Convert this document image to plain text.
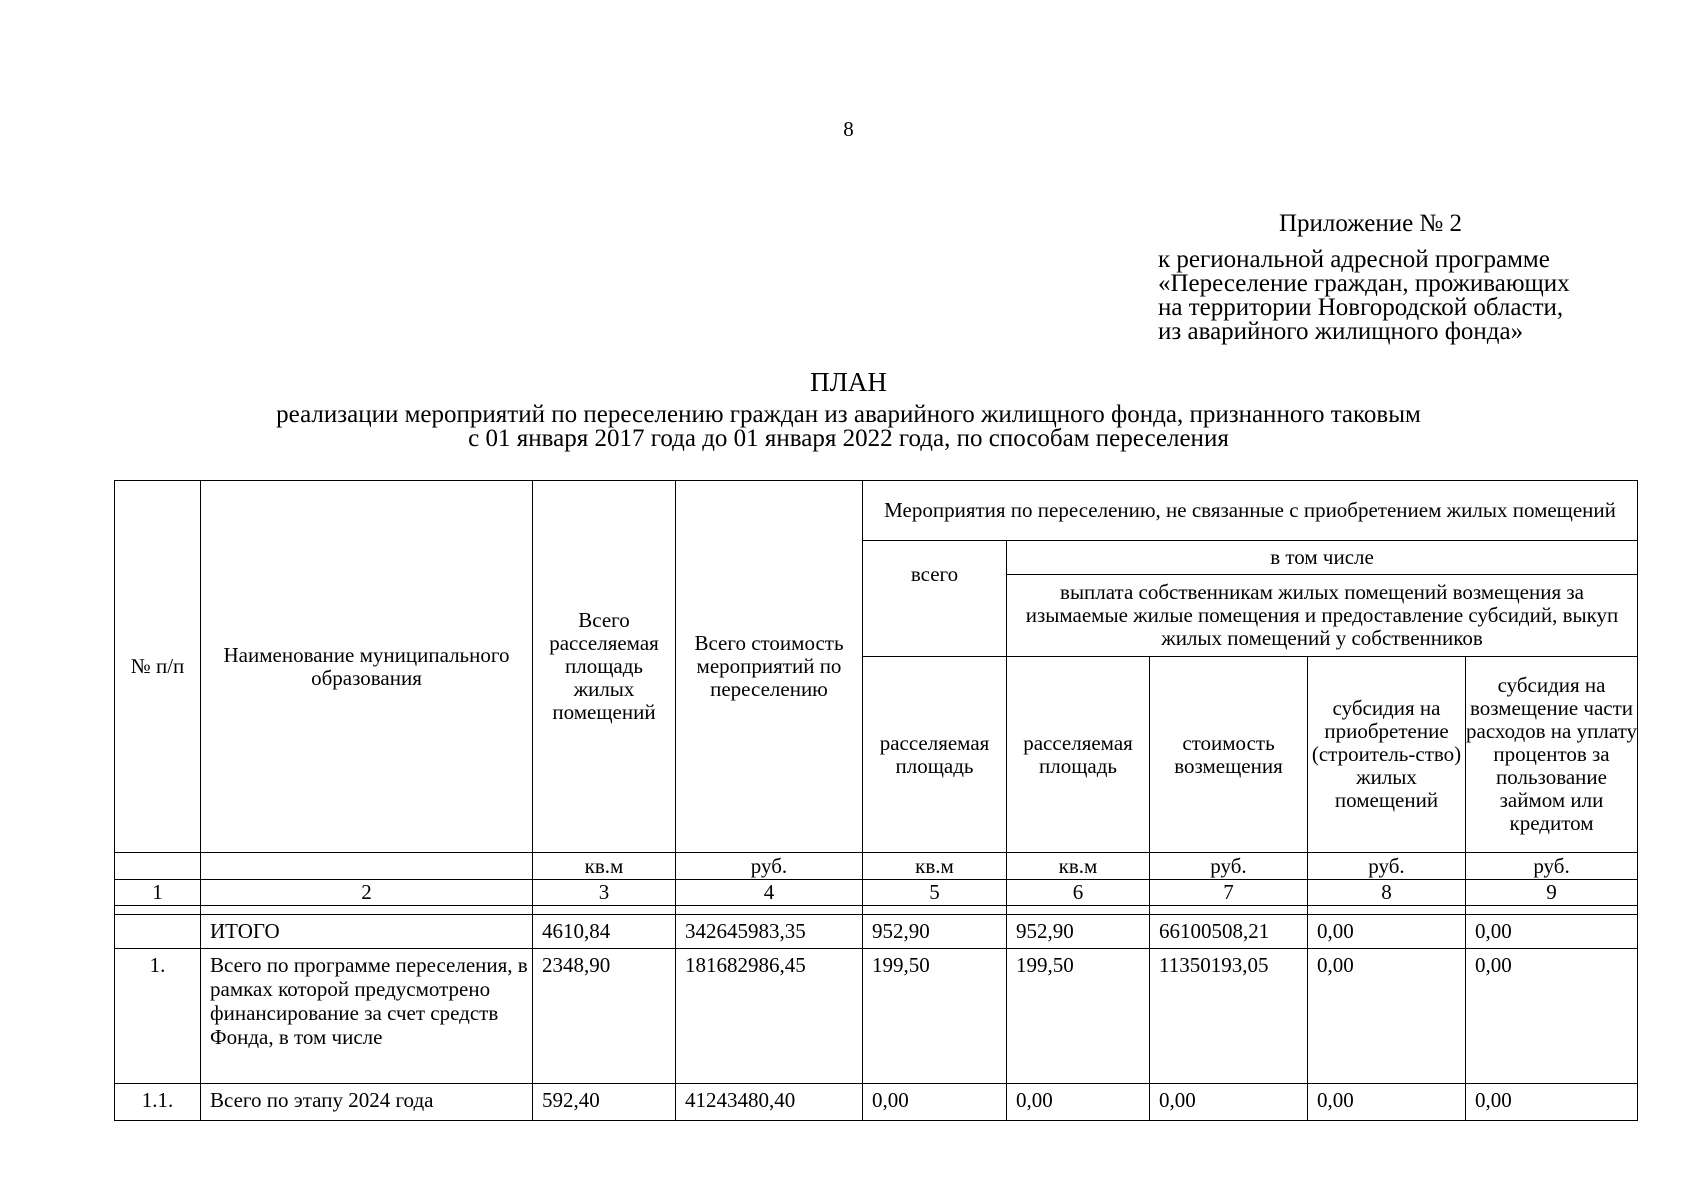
8
Приложение № 2
к региональной адресной программе
«Переселение граждан, проживающих
на территории Новгородской области,
из аварийного жилищного фонда»
ПЛАН
реализации мероприятий по переселению граждан из аварийного жилищного фонда, признанного таковым
с 01 января 2017 года до 01 января 2022 года, по способам переселения
№ п/п	Наименование муниципального образования	Всего расселяемая площадь жилых помещений	Всего стоимость мероприятий по переселению	Мероприятия по переселению, не связанные с приобретением жилых помещений				
				всего	в том числе			
					выплата собственникам жилых помещений возмещения за изымаемые жилые помещения и предоставление субсидий, выкуп жилых помещений у собственников			
				расселяемая площадь	расселяемая площадь	стоимость возмещения	субсидия на приобретение (строитель-ство) жилых помещений	субсидия на возмещение части расходов на уплату процентов за пользование займом или кредитом
		кв.м	руб.	кв.м	кв.м	руб.	руб.	руб.
1	2	3	4	5	6	7	8	9

	ИТОГО	4610,84	342645983,35	952,90	952,90	66100508,21	0,00	0,00
1.	Всего по программе переселения, в рамках которой предусмотрено финансирование за счет средств Фонда, в том числе	2348,90	181682986,45	199,50	199,50	11350193,05	0,00	0,00
1.1.	Всего по этапу 2024 года	592,40	41243480,40	0,00	0,00	0,00	0,00	0,00
